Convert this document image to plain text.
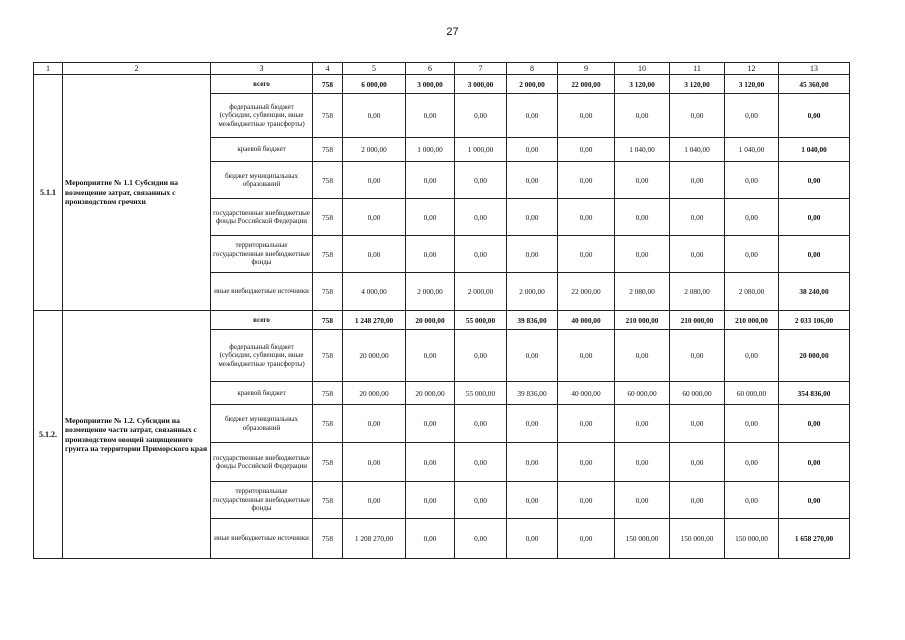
27
1	2	3	4	5	6	7	8	9	10	11	12	13
5.1.1	Мероприятие № 1.1 Субсидии на возмещение затрат, связанных с производством гречихи	всего	758	6 000,00	3 000,00	3 000,00	2 000,00	22 000,00	3 120,00	3 120,00	3 120,00	45 360,00
		федеральный бюджет (субсидии, субвенции, иные межбюджетные трансферты)	758	0,00	0,00	0,00	0,00	0,00	0,00	0,00	0,00	0,00
		краевой бюджет	758	2 000,00	1 000,00	1 000,00	0,00	0,00	1 040,00	1 040,00	1 040,00	1 040,00
		бюджет муниципальных образований	758	0,00	0,00	0,00	0,00	0,00	0,00	0,00	0,00	0,00
		государственные внебюджетные фонды Российской Федерации	758	0,00	0,00	0,00	0,00	0,00	0,00	0,00	0,00	0,00
		территориальные государственные внебюджетные фонды	758	0,00	0,00	0,00	0,00	0,00	0,00	0,00	0,00	0,00
		иные внебюджетные источники	758	4 000,00	2 000,00	2 000,00	2 000,00	22 000,00	2 080,00	2 080,00	2 080,00	38 240,00
5.1.2.	Мероприятие № 1.2. Субсидии на возмещение части затрат, связанных с производством овощей защищенного грунта на территории Приморского края	всего	758	1 248 270,00	20 000,00	55 000,00	39 836,00	40 000,00	210 000,00	210 000,00	210 000,00	2 033 106,00
		федеральный бюджет (субсидии, субвенции, иные межбюджетные трансферты)	758	20 000,00	0,00	0,00	0,00	0,00	0,00	0,00	0,00	20 000,00
		краевой бюджет	758	20 000,00	20 000,00	55 000,00	39 836,00	40 000,00	60 000,00	60 000,00	60 000,00	354 836,00
		бюджет муниципальных образований	758	0,00	0,00	0,00	0,00	0,00	0,00	0,00	0,00	0,00
		государственные внебюджетные фонды Российской Федерации	758	0,00	0,00	0,00	0,00	0,00	0,00	0,00	0,00	0,00
		территориальные государственные внебюджетные фонды	758	0,00	0,00	0,00	0,00	0,00	0,00	0,00	0,00	0,00
		иные внебюджетные источники	758	1 208 270,00	0,00	0,00	0,00	0,00	150 000,00	150 000,00	150 000,00	1 658 270,00
